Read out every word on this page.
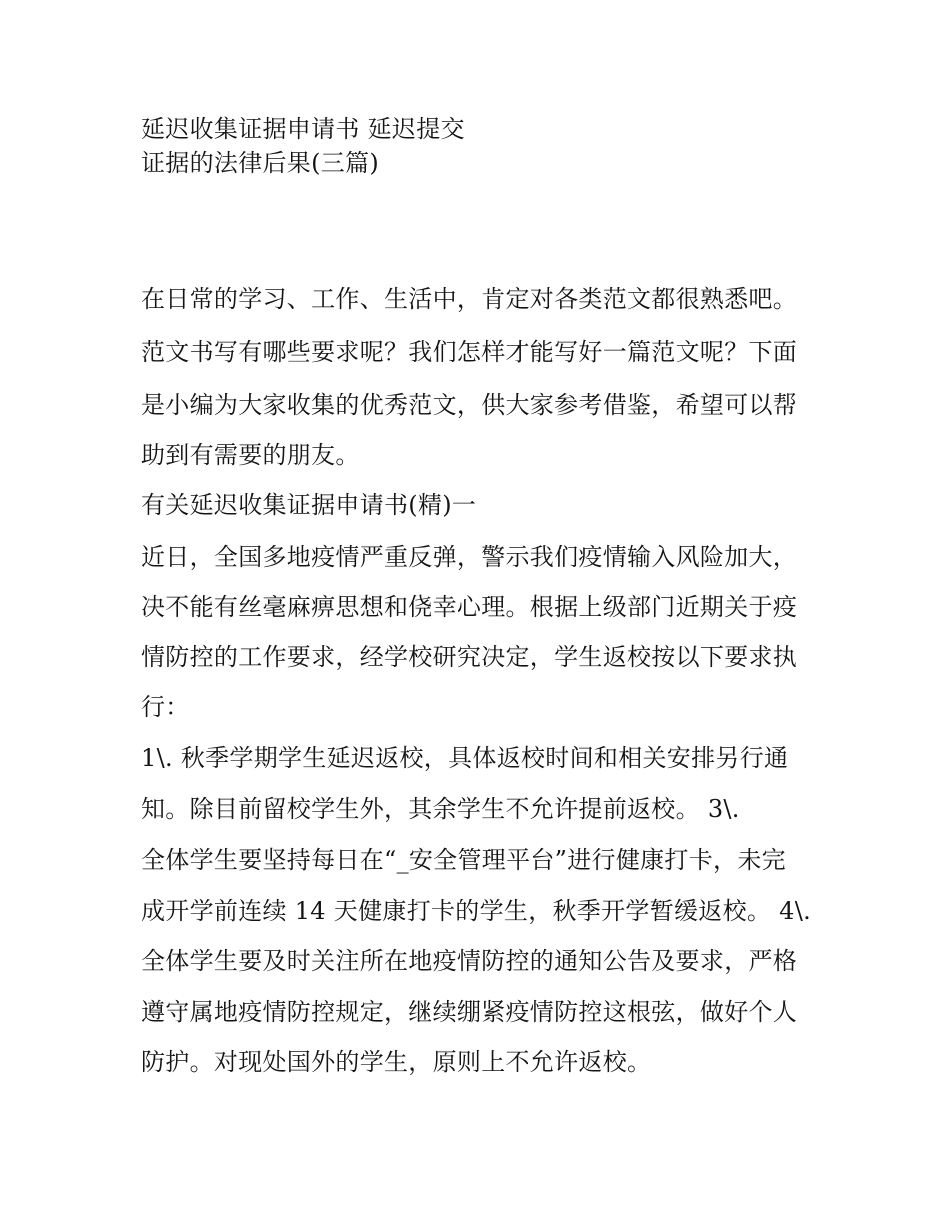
延迟收集证据申请书 延迟提交
证据的法律后果(三篇)
在日常的学习、工作、生活中，肯定对各类范文都很熟悉吧。
范文书写有哪些要求呢？我们怎样才能写好一篇范文呢？下面
是小编为大家收集的优秀范文，供大家参考借鉴，希望可以帮
助到有需要的朋友。
有关延迟收集证据申请书(精)一
近日，全国多地疫情严重反弹，警示我们疫情输入风险加大，
决不能有丝毫麻痹思想和侥幸心理。根据上级部门近期关于疫
情防控的工作要求，经学校研究决定，学生返校按以下要求执
行：
1\. 秋季学期学生延迟返校，具体返校时间和相关安排另行通
知。除目前留校学生外，其余学生不允许提前返校。 3\.
全体学生要坚持每日在“_安全管理平台”进行健康打卡，未完
成开学前连续 14 天健康打卡的学生，秋季开学暂缓返校。 4\.
全体学生要及时关注所在地疫情防控的通知公告及要求，严格
遵守属地疫情防控规定，继续绷紧疫情防控这根弦，做好个人
防护。对现处国外的学生，原则上不允许返校。
